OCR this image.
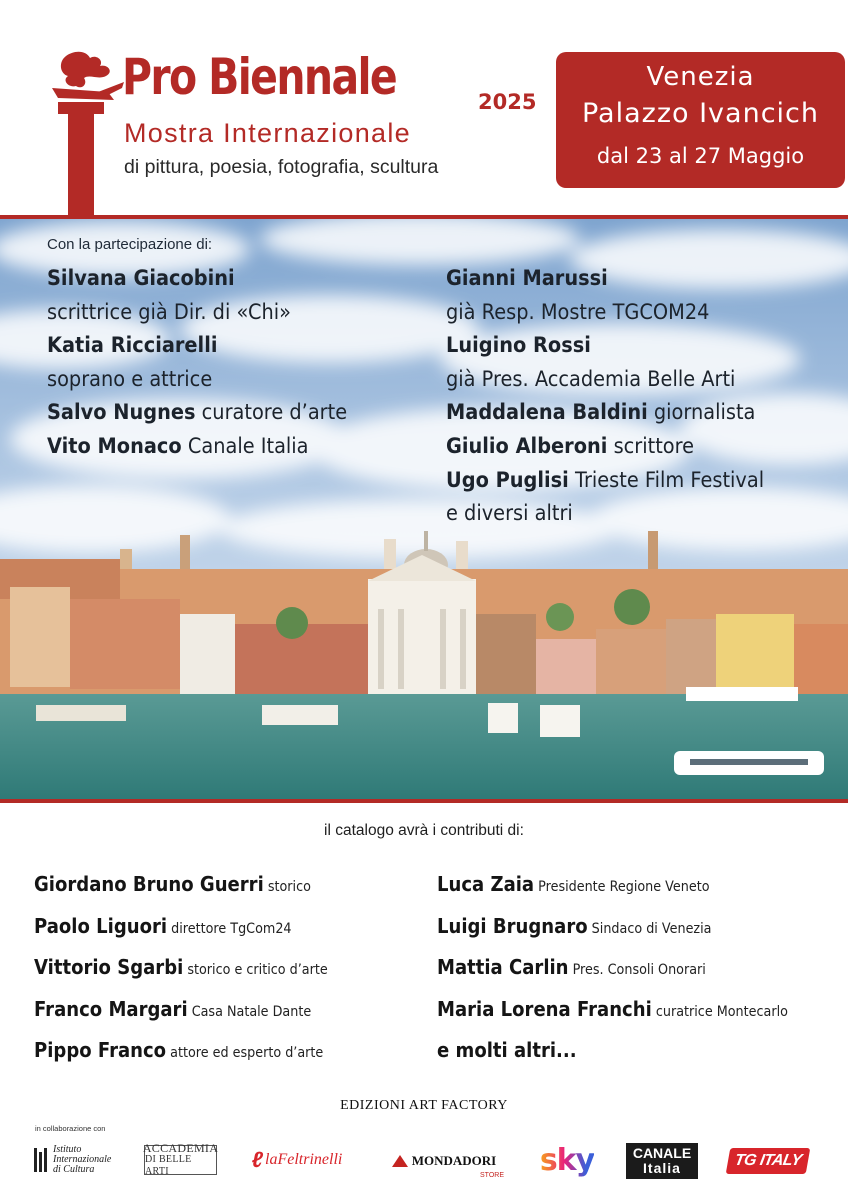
Pro Biennale	2025
Mostra Internazionale
di pittura, poesia, fotografia, scultura
Venezia
Palazzo Ivancich
dal 23 al 27 Maggio
Con la partecipazione di:
Silvana Giacobini
scrittrice già Dir. di «Chi»
Katia Ricciarelli
soprano e attrice
Salvo Nugnes curatore d’arte
Vito Monaco Canale Italia
Gianni Marussi
già Resp. Mostre TGCOM24
Luigino Rossi
già Pres. Accademia Belle Arti
Maddalena Baldini giornalista
Giulio Alberoni scrittore
Ugo Puglisi Trieste Film Festival
e diversi altri
il catalogo avrà i contributi di:
Giordano Bruno Guerri storico
Paolo Liguori direttore TgCom24
Vittorio Sgarbi storico e critico d’arte
Franco Margari Casa Natale Dante
Pippo Franco attore ed esperto d’arte
Luca Zaia Presidente Regione Veneto
Luigi Brugnaro Sindaco di Venezia
Mattia Carlin Pres. Consoli Onorari
Maria Lorena Franchi curatrice Montecarlo
e molti altri...
EDIZIONI ART FACTORY
in collaborazione con
Istituto
Internazionale
di Cultura
ACCADEMIA
DI BELLE ARTI	ℓ laFeltrinelli	MONDADORI
STORE sky	CANALE
Italia	TG ITALY
